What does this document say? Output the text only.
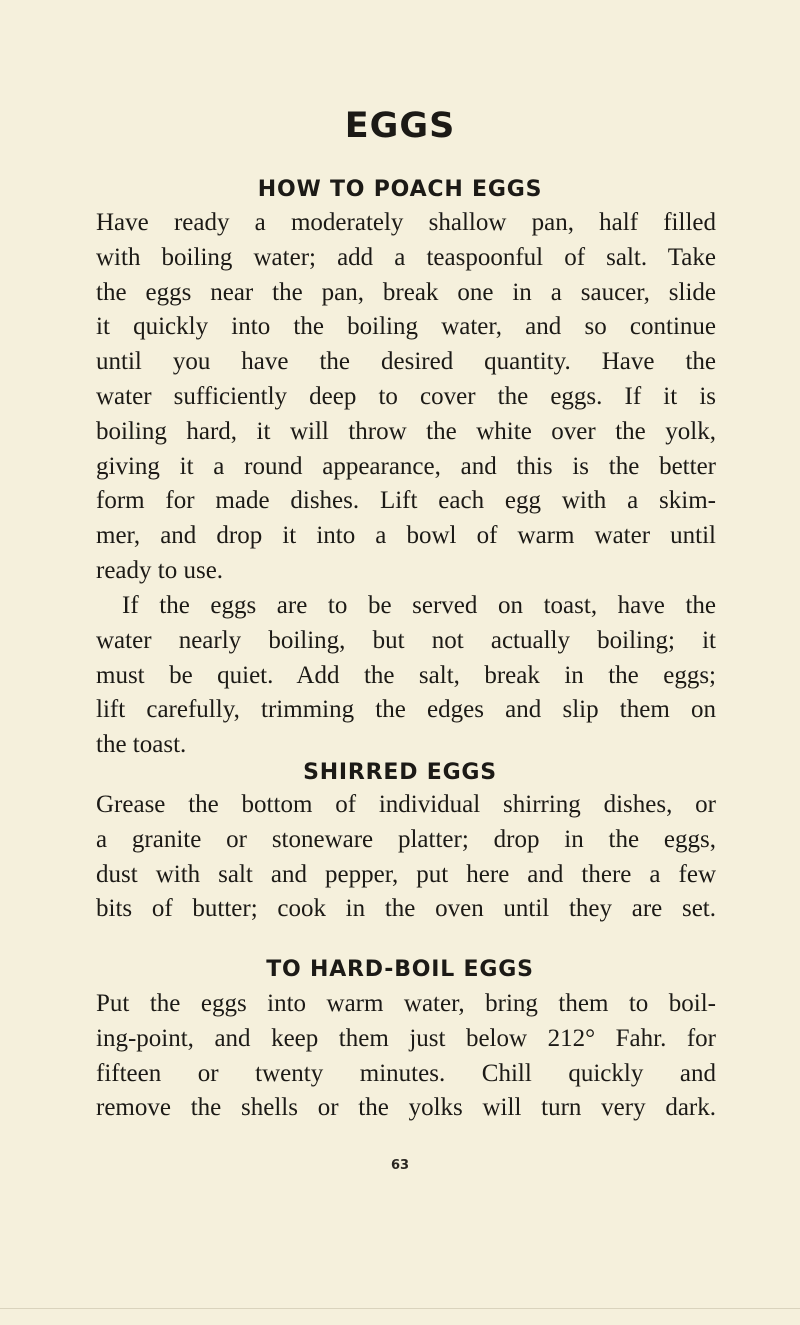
EGGS
HOW TO POACH EGGS
Have ready a moderately shallow pan, half filled
with boiling water; add a teaspoonful of salt. Take
the eggs near the pan, break one in a saucer, slide
it quickly into the boiling water, and so continue
until you have the desired quantity. Have the
water sufficiently deep to cover the eggs. If it is
boiling hard, it will throw the white over the yolk,
giving it a round appearance, and this is the better
form for made dishes. Lift each egg with a skim-
mer, and drop it into a bowl of warm water until
ready to use.
If the eggs are to be served on toast, have the
water nearly boiling, but not actually boiling; it
must be quiet. Add the salt, break in the eggs;
lift carefully, trimming the edges and slip them on
the toast.
SHIRRED EGGS
Grease the bottom of individual shirring dishes, or
a granite or stoneware platter; drop in the eggs,
dust with salt and pepper, put here and there a few
bits of butter; cook in the oven until they are set.
TO HARD-BOIL EGGS
Put the eggs into warm water, bring them to boil-
ing-point, and keep them just below 212° Fahr. for
fifteen or twenty minutes. Chill quickly and
remove the shells or the yolks will turn very dark.
63
